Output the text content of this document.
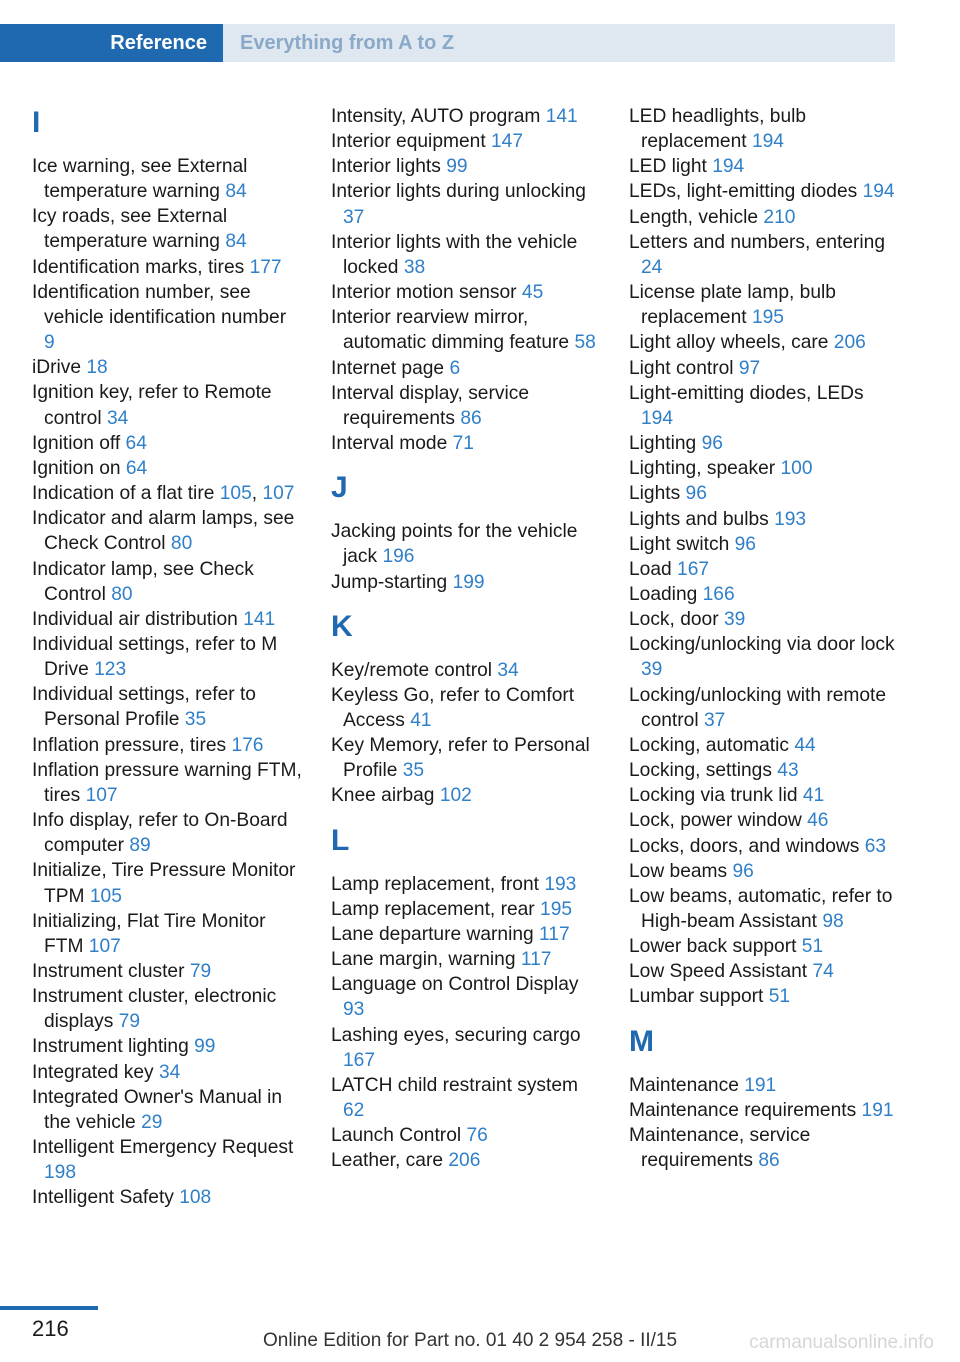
Reference	Everything from A to Z
I
Ice warning, see External temperature warning 84
Icy roads, see External temperature warning 84
Identification marks, tires 177
Identification number, see vehicle identification number 9
iDrive 18
Ignition key, refer to Remote control 34
Ignition off 64
Ignition on 64
Indication of a flat tire 105, 107
Indicator and alarm lamps, see Check Control 80
Indicator lamp, see Check Control 80
Individual air distribution 141
Individual settings, refer to M Drive 123
Individual settings, refer to Personal Profile 35
Inflation pressure, tires 176
Inflation pressure warning FTM, tires 107
Info display, refer to On-Board computer 89
Initialize, Tire Pressure Monitor TPM 105
Initializing, Flat Tire Monitor FTM 107
Instrument cluster 79
Instrument cluster, electronic displays 79
Instrument lighting 99
Integrated key 34
Integrated Owner's Manual in the vehicle 29
Intelligent Emergency Request 198
Intelligent Safety 108
Intensity, AUTO program 141
Interior equipment 147
Interior lights 99
Interior lights during unlocking 37
Interior lights with the vehicle locked 38
Interior motion sensor 45
Interior rearview mirror, automatic dimming feature 58
Internet page 6
Interval display, service requirements 86
Interval mode 71
J
Jacking points for the vehicle jack 196
Jump-starting 199
K
Key/remote control 34
Keyless Go, refer to Comfort Access 41
Key Memory, refer to Personal Profile 35
Knee airbag 102
L
Lamp replacement, front 193
Lamp replacement, rear 195
Lane departure warning 117
Lane margin, warning 117
Language on Control Display 93
Lashing eyes, securing cargo 167
LATCH child restraint system 62
Launch Control 76
Leather, care 206
LED headlights, bulb replacement 194
LED light 194
LEDs, light-emitting diodes 194
Length, vehicle 210
Letters and numbers, entering 24
License plate lamp, bulb replacement 195
Light alloy wheels, care 206
Light control 97
Light-emitting diodes, LEDs 194
Lighting 96
Lighting, speaker 100
Lights 96
Lights and bulbs 193
Light switch 96
Load 167
Loading 166
Lock, door 39
Locking/unlocking via door lock 39
Locking/unlocking with remote control 37
Locking, automatic 44
Locking, settings 43
Locking via trunk lid 41
Lock, power window 46
Locks, doors, and windows 63
Low beams 96
Low beams, automatic, refer to High-beam Assistant 98
Lower back support 51
Low Speed Assistant 74
Lumbar support 51
M
Maintenance 191
Maintenance requirements 191
Maintenance, service requirements 86
216	Online Edition for Part no. 01 40 2 954 258 - II/15	carmanualsonline.info
